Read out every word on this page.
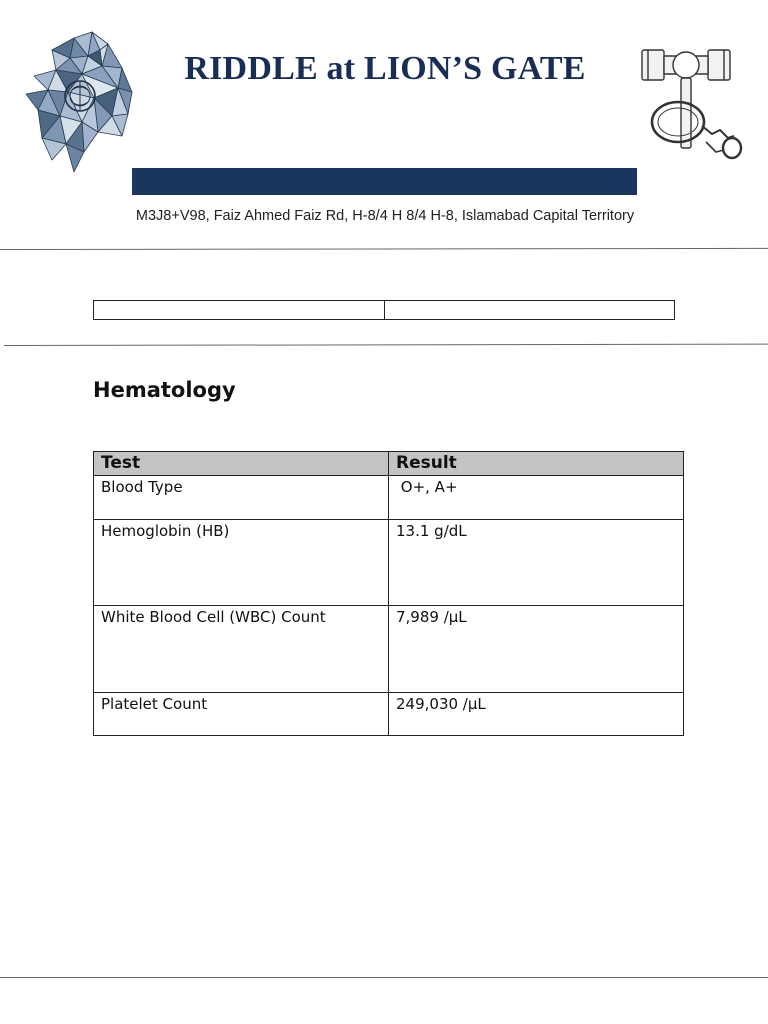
RIDDLE at LION’S GATE
M3J8+V98, Faiz Ahmed Faiz Rd, H-8/4 H 8/4 H-8, Islamabad Capital Territory

Hematology
Test	Result
Blood Type	O+, A+
Hemoglobin (HB)	13.1 g/dL
White Blood Cell (WBC) Count	7,989 /µL
Platelet Count	249,030 /µL
